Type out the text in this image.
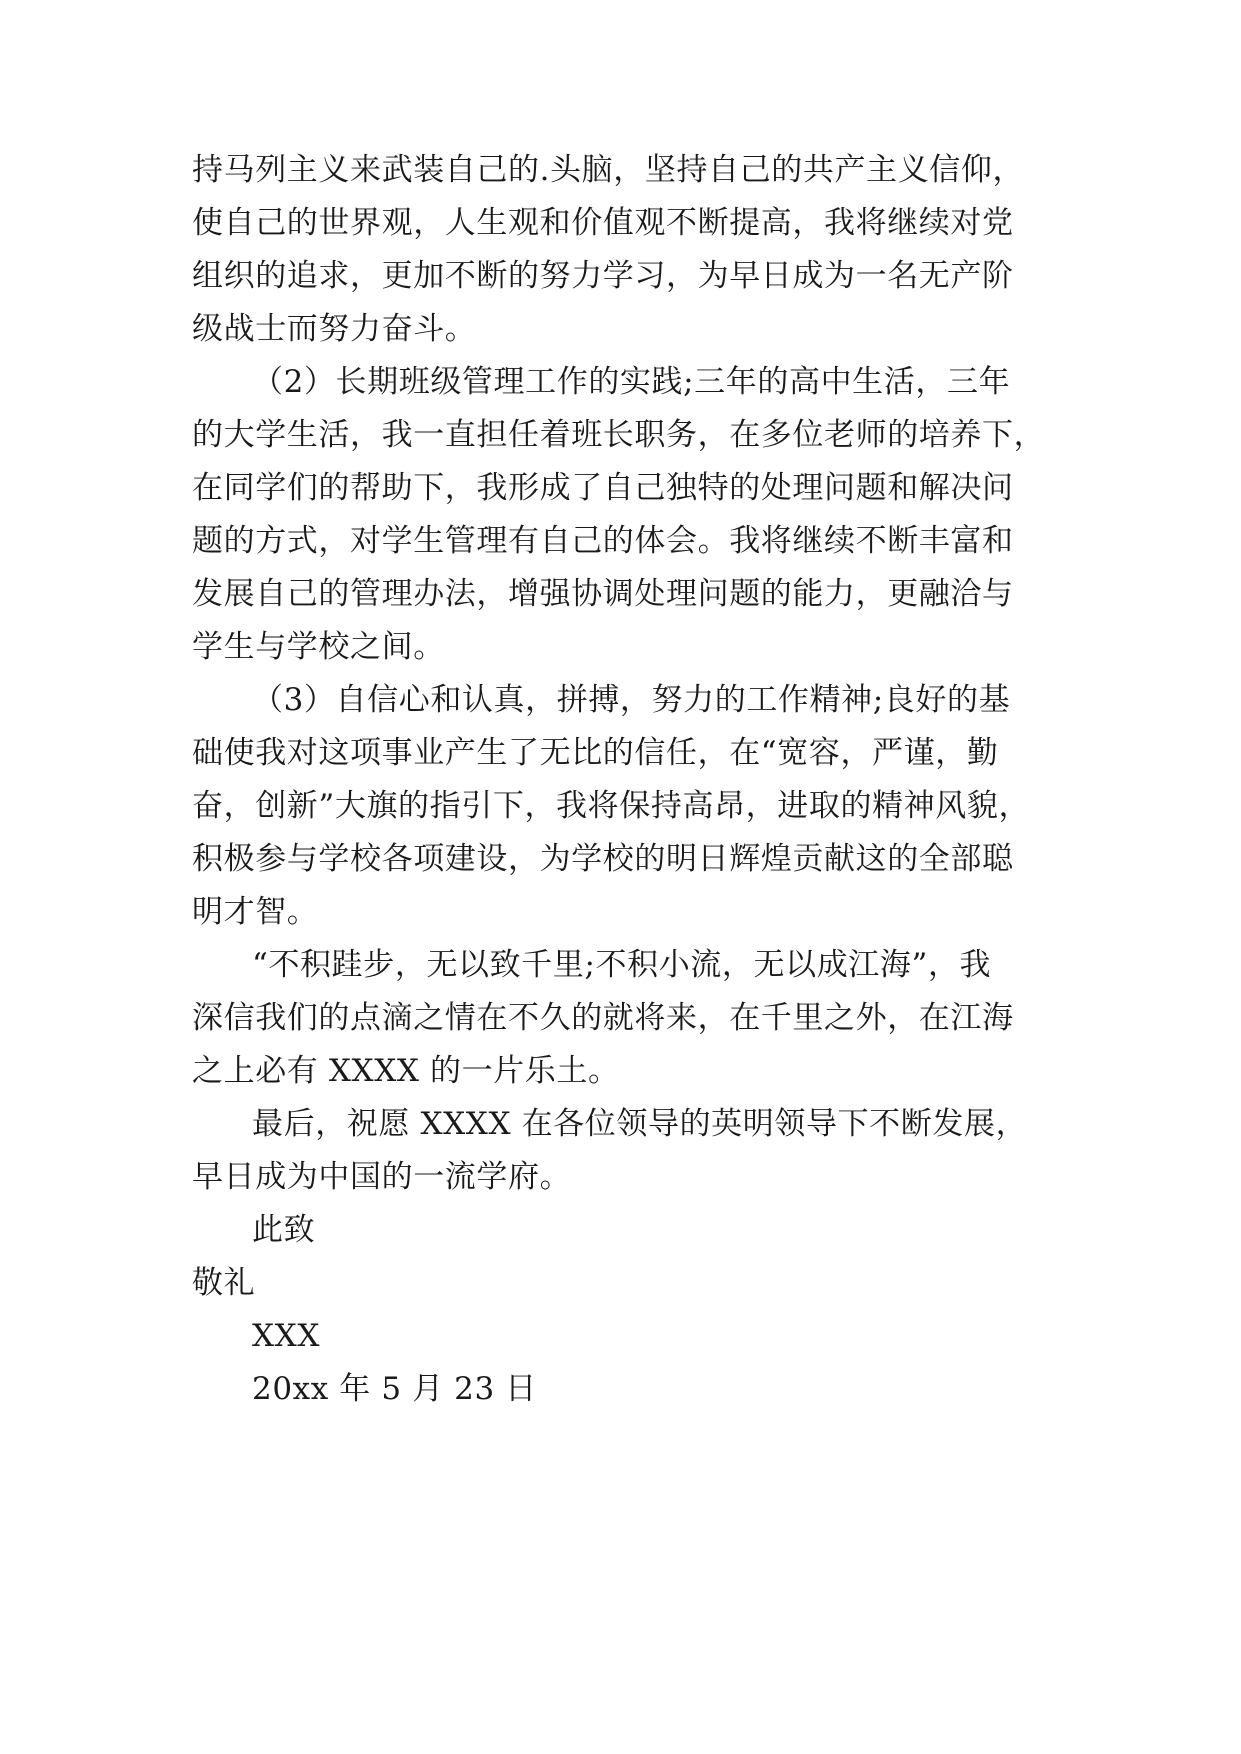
持马列主义来武装自己的.头脑，坚持自己的共产主义信仰，
使自己的世界观，人生观和价值观不断提高，我将继续对党
组织的追求，更加不断的努力学习，为早日成为一名无产阶
级战士而努力奋斗。
（2）长期班级管理工作的实践;三年的高中生活，三年
的大学生活，我一直担任着班长职务，在多位老师的培养下，
在同学们的帮助下，我形成了自己独特的处理问题和解决问
题的方式，对学生管理有自己的体会。我将继续不断丰富和
发展自己的管理办法，增强协调处理问题的能力，更融洽与
学生与学校之间。
（3）自信心和认真，拼搏，努力的工作精神;良好的基
础使我对这项事业产生了无比的信任，在“宽容，严谨，勤
奋，创新”大旗的指引下，我将保持高昂，进取的精神风貌，
积极参与学校各项建设，为学校的明日辉煌贡献这的全部聪
明才智。
“不积跬步，无以致千里;不积小流，无以成江海”，我
深信我们的点滴之情在不久的就将来，在千里之外，在江海
之上必有 XXXX 的一片乐土。
最后，祝愿 XXXX 在各位领导的英明领导下不断发展，
早日成为中国的一流学府。
此致
敬礼
XXX
20xx 年 5 月 23 日
